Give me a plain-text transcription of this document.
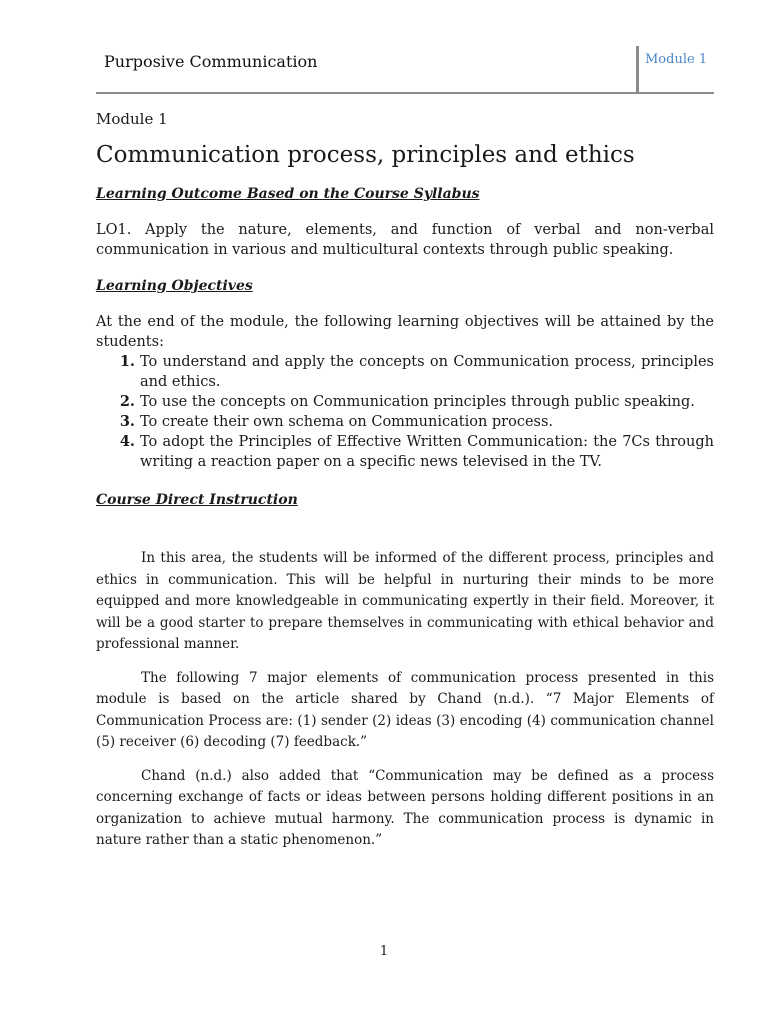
Purposive Communication	Module 1
Module 1
Communication process, principles and ethics
Learning Outcome Based on the Course Syllabus

LO1. Apply the nature, elements, and function of verbal and non-verbal communication in various and multicultural contexts through public speaking.

Learning Objectives

At the end of the module, the following learning objectives will be attained by the students:

1. To understand and apply the concepts on Communication process, principles and ethics.
2. To use the concepts on Communication principles through public speaking.
3. To create their own schema on Communication process.
4. To adopt the Principles of Effective Written Communication: the 7Cs through writing a reaction paper on a specific news televised in the TV.
Course Direct Instruction

In this area, the students will be informed of the different process, principles and ethics in communication. This will be helpful in nurturing their minds to be more equipped and more knowledgeable in communicating expertly in their field. Moreover, it will be a good starter to prepare themselves in communicating with ethical behavior and professional manner.

The following 7 major elements of communication process presented in this module is based on the article shared by Chand (n.d.). “7 Major Elements of Communication Process are: (1) sender (2) ideas (3) encoding (4) communication channel (5) receiver (6) decoding (7) feedback.”

Chand (n.d.) also added that “Communication may be defined as a process concerning exchange of facts or ideas between persons holding different positions in an organization to achieve mutual harmony. The communication process is dynamic in nature rather than a static phenomenon.”

1
